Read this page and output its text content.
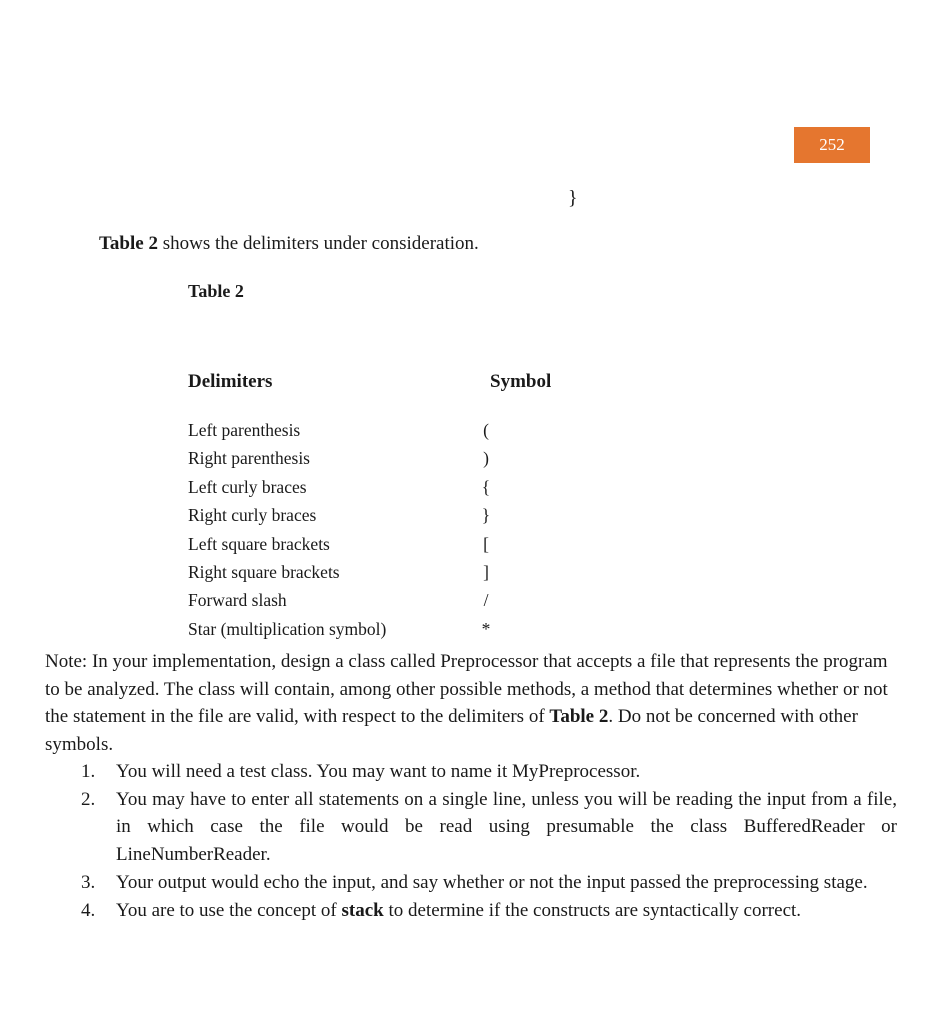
252
}
Table 2 shows the delimiters under consideration.
Table 2
Delimiters	Symbol
Left parenthesis	(
Right parenthesis	)
Left curly braces	{
Right curly braces	}
Left square brackets	[
Right square brackets	]
Forward slash	/
Star (multiplication symbol)	*
Note: In your implementation, design a class called Preprocessor that accepts a file that represents the program to be analyzed. The class will contain, among other possible methods, a method that determines whether or not the statement in the file are valid, with respect to the delimiters of Table 2. Do not be concerned with other symbols.
1. You will need a test class. You may want to name it MyPreprocessor.
2. You may have to enter all statements on a single line, unless you will be reading the input from a file, in which case the file would be read using presumable the class BufferedReader or LineNumberReader.
3. Your output would echo the input, and say whether or not the input passed the preprocessing stage.
4. You are to use the concept of stack to determine if the constructs are syntactically correct.
